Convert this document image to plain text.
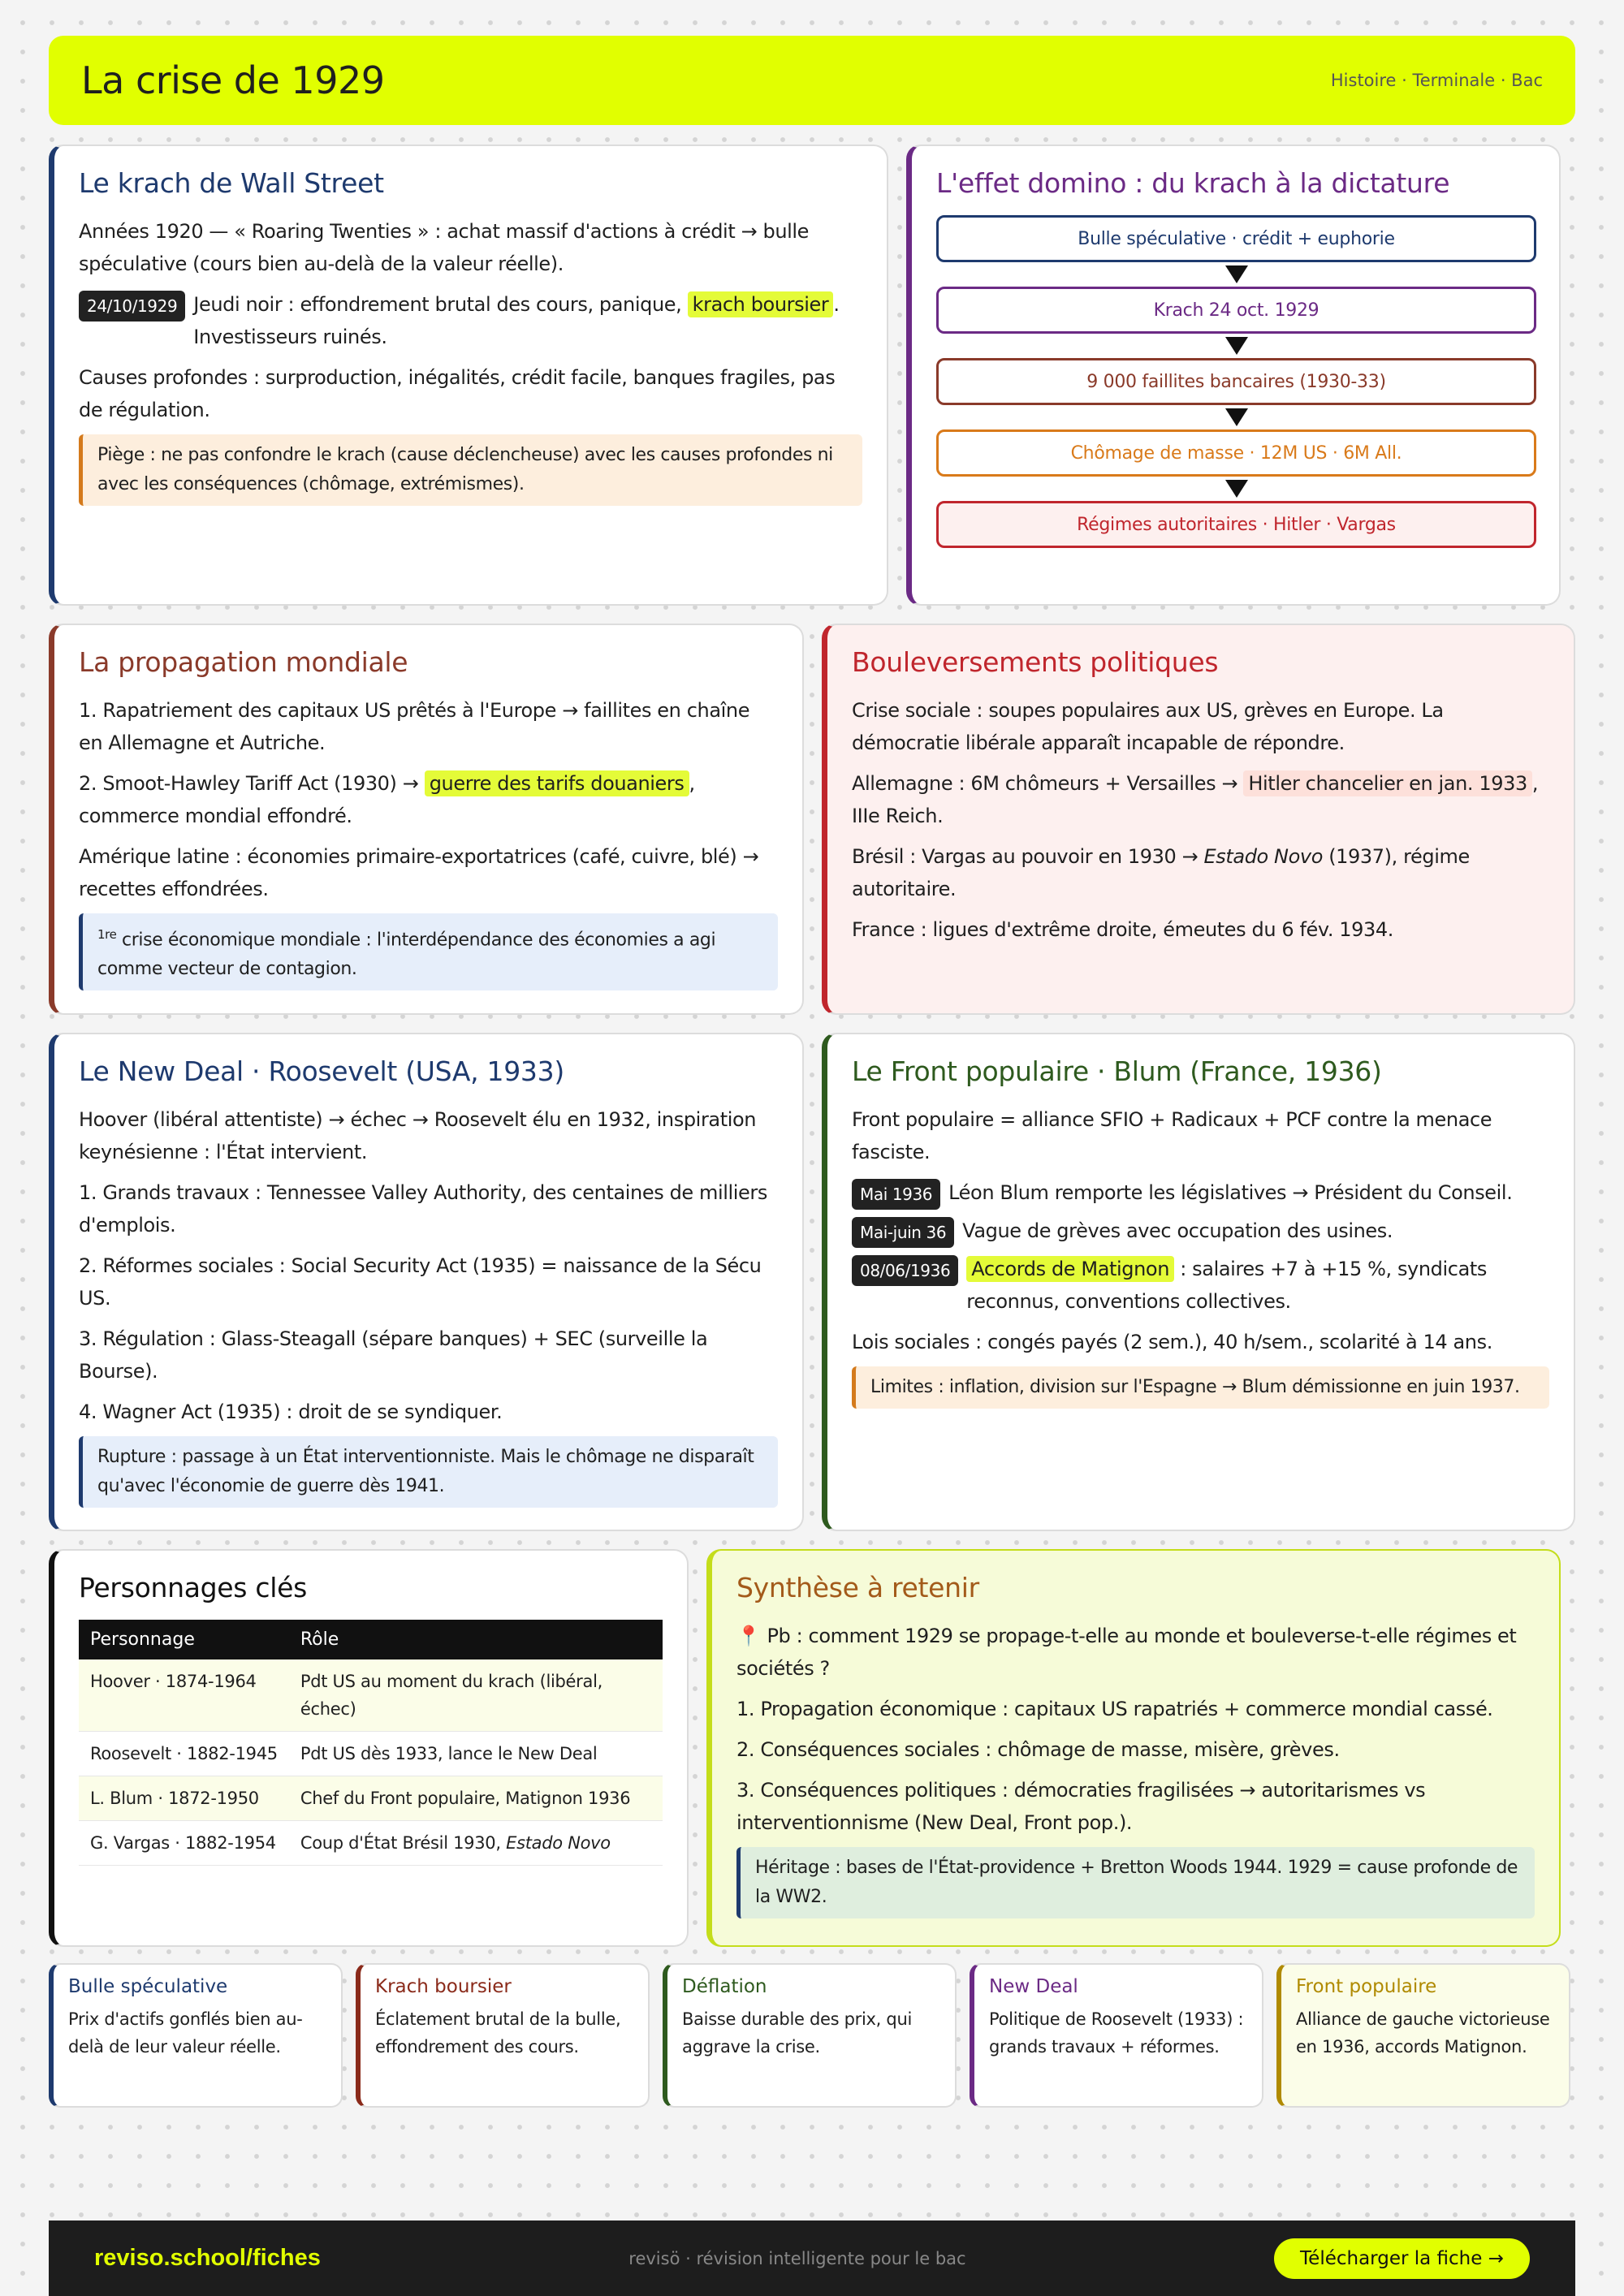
La crise de 1929	Histoire · Terminale · Bac
Le krach de Wall Street

Années 1920 — « Roaring Twenties » : achat massif d'actions à crédit → bulle spéculative (cours bien au-delà de la valeur réelle).

24/10/1929 Jeudi noir : effondrement brutal des cours, panique, krach boursier . Investisseurs ruinés.

Causes profondes : surproduction, inégalités, crédit facile, banques fragiles, pas de régulation.

Piège : ne pas confondre le krach (cause déclencheuse) avec les causes profondes ni avec les conséquences (chômage, extrémismes).
L'effet domino : du krach à la dictature
Bulle spéculative · crédit + euphorie
Krach 24 oct. 1929
9 000 faillites bancaires (1930-33)
Chômage de masse · 12M US · 6M All.
Régimes autoritaires · Hitler · Vargas
La propagation mondiale

1. Rapatriement des capitaux US prêtés à l'Europe → faillites en chaîne en Allemagne et Autriche.

2. Smoot-Hawley Tariff Act (1930) → guerre des tarifs douaniers , commerce mondial effondré.

Amérique latine : économies primaire-exportatrices (café, cuivre, blé) → recettes effondrées.

$^{1re}$ crise économique mondiale : l'interdépendance des économies a agi comme vecteur de contagion.
Bouleversements politiques

Crise sociale : soupes populaires aux US, grèves en Europe. La démocratie libérale apparaît incapable de répondre.

Allemagne : 6M chômeurs + Versailles → Hitler chancelier en jan. 1933 , IIIe Reich.

Brésil : Vargas au pouvoir en 1930 → Estado Novo (1937), régime autoritaire.

France : ligues d'extrême droite, émeutes du 6 fév. 1934.

Le New Deal · Roosevelt (USA, 1933)

Hoover (libéral attentiste) → échec → Roosevelt élu en 1932, inspiration keynésienne : l'État intervient.

1. Grands travaux : Tennessee Valley Authority, des centaines de milliers d'emplois.

2. Réformes sociales : Social Security Act (1935) = naissance de la Sécu US.

3. Régulation : Glass-Steagall (sépare banques) + SEC (surveille la Bourse).

4. Wagner Act (1935) : droit de se syndiquer.

Rupture : passage à un État interventionniste. Mais le chômage ne disparaît qu'avec l'économie de guerre dès 1941.
Le Front populaire · Blum (France, 1936)

Front populaire = alliance SFIO + Radicaux + PCF contre la menace fasciste.

Mai 1936 Léon Blum remporte les législatives → Président du Conseil.

Mai-juin 36 Vague de grèves avec occupation des usines.

08/06/1936	Accords de Matignon : salaires +7 à +15 %, syndicats reconnus, conventions collectives.

Lois sociales : congés payés (2 sem.), 40 h/sem., scolarité à 14 ans.

Limites : inflation, division sur l'Espagne → Blum démissionne en juin 1937.
Personnages clés
Personnage	Rôle
Hoover · 1874-1964	Pdt US au moment du krach (libéral, échec)
Roosevelt · 1882-1945	Pdt US dès 1933, lance le New Deal
L. Blum · 1872-1950	Chef du Front populaire, Matignon 1936
G. Vargas · 1882-1954	Coup d'État Brésil 1930, Estado Novo
Synthèse à retenir

📍 Pb : comment 1929 se propage-t-elle au monde et bouleverse-t-elle régimes et sociétés ?

1. Propagation économique : capitaux US rapatriés + commerce mondial cassé.

2. Conséquences sociales : chômage de masse, misère, grèves.

3. Conséquences politiques : démocraties fragilisées → autoritarismes vs interventionnisme (New Deal, Front pop.).

Héritage : bases de l'État-providence + Bretton Woods 1944. 1929 = cause profonde de la WW2.
Bulle spéculative
Prix d'actifs gonflés bien au-delà de leur valeur réelle.
Krach boursier
Éclatement brutal de la bulle, effondrement des cours.
Déflation
Baisse durable des prix, qui aggrave la crise.
New Deal
Politique de Roosevelt (1933) : grands travaux + réformes.
Front populaire
Alliance de gauche victorieuse en 1936, accords Matignon.
reviso.school/fiches	revisö · révision intelligente pour le bac	Télécharger la fiche →
